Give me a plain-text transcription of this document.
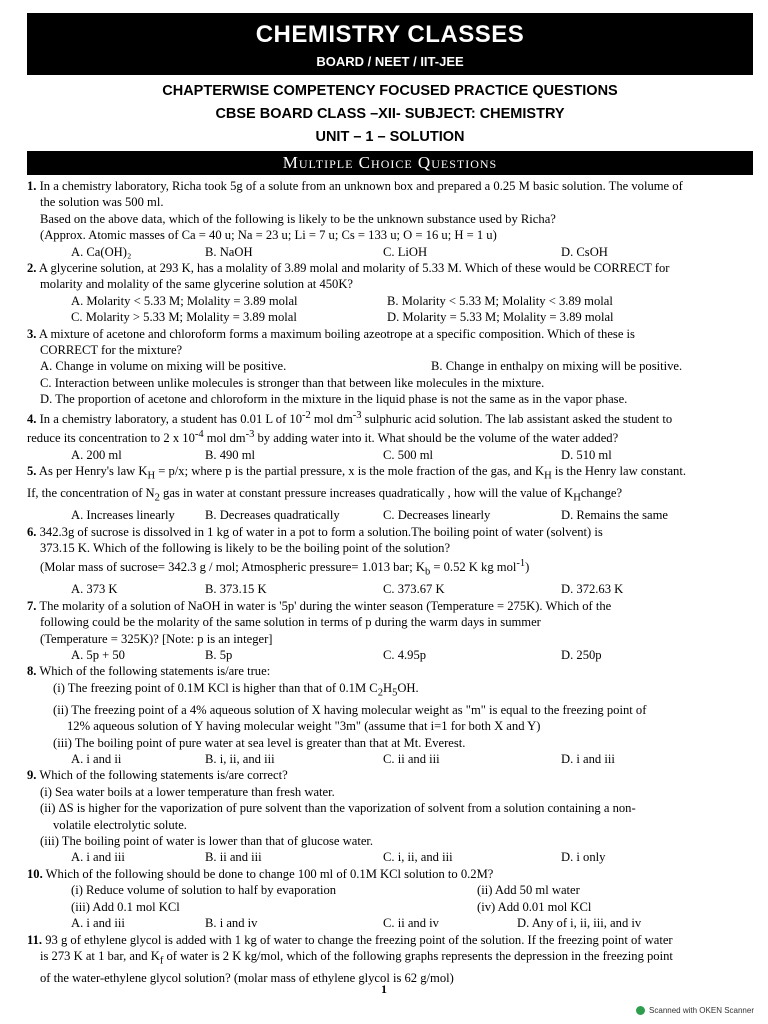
CHEMISTRY CLASSES
BOARD / NEET / IIT-JEE
CHAPTERWISE COMPETENCY FOCUSED PRACTICE QUESTIONS
CBSE BOARD CLASS –XII- SUBJECT: CHEMISTRY
UNIT – 1 – SOLUTION
Multiple Choice Questions
1. In a chemistry laboratory, Richa took 5g of a solute from an unknown box and prepared a 0.25 M basic solution. The volume of
the solution was 500 ml.
Based on the above data, which of the following is likely to be the unknown substance used by Richa?
(Approx. Atomic masses of Ca = 40 u; Na = 23 u; Li = 7 u; Cs = 133 u; O = 16 u; H = 1 u)
A. Ca(OH)₂	B. NaOH	C. LiOH	D. CsOH
2. A glycerine solution, at 293 K, has a molality of 3.89 molal and molarity of 5.33 M. Which of these would be CORRECT for
molarity and molality of the same glycerine solution at 450K?
A. Molarity < 5.33 M; Molality = 3.89 molal	B. Molarity < 5.33 M; Molality < 3.89 molal
C. Molarity > 5.33 M; Molality = 3.89 molal	D. Molarity = 5.33 M; Molality = 3.89 molal
3. A mixture of acetone and chloroform forms a maximum boiling azeotrope at a specific composition. Which of these is
CORRECT for the mixture?
A. Change in volume on mixing will be positive.	B. Change in enthalpy on mixing will be positive.
C. Interaction between unlike molecules is stronger than that between like molecules in the mixture.
D. The proportion of acetone and chloroform in the mixture in the liquid phase is not the same as in the vapor phase.
4. In a chemistry laboratory, a student has 0.01 L of $10^{-2}$ mol $dm^{-3}$ sulphuric acid solution. The lab assistant asked the student to
reduce its concentration to 2 x $10^{-4}$ mol $dm^{-3}$ by adding water into it. What should be the volume of the water added?
A. 200 ml	B. 490 ml	C. 500 ml	D. 510 ml
5. As per Henry's law $K_H = p/x$; where p is the partial pressure, x is the mole fraction of the gas, and $K_H$ is the Henry law constant.
If, the concentration of $N_2$ gas in water at constant pressure increases quadratically , how will the value of $K_Hchange$?
A. Increases linearly	B. Decreases quadratically	C. Decreases linearly	D. Remains the same
6. 342.3g of sucrose is dissolved in 1 kg of water in a pot to form a solution.The boiling point of water (solvent) is
373.15 K. Which of the following is likely to be the boiling point of the solution?
(Molar mass of sucrose= 342.3 g / mol; Atmospheric pressure= 1.013 bar; $K_b = 0.52$ K kg mol$^{-1}$)
A. 373 K	B. 373.15 K	C. 373.67 K	D. 372.63 K
7. The molarity of a solution of NaOH in water is '5p' during the winter season (Temperature = 275K). Which of the
following could be the molarity of the same solution in terms of p during the warm days in summer
(Temperature = 325K)? [Note: p is an integer]
A. 5p + 50	B. 5p	C. 4.95p	D. 250p
8. Which of the following statements is/are true:
(i) The freezing point of 0.1M KCl is higher than that of 0.1M $C_2H_5OH$.
(ii) The freezing point of a 4% aqueous solution of X having molecular weight as "m" is equal to the freezing point of
12% aqueous solution of Y having molecular weight "3m" (assume that i=1 for both X and Y)
(iii) The boiling point of pure water at sea level is greater than that at Mt. Everest.
A. i and ii	B. i, ii, and iii	C. ii and iii	D. i and iii
9. Which of the following statements is/are correct?
(i) Sea water boils at a lower temperature than fresh water.
(ii) ΔS is higher for the vaporization of pure solvent than the vaporization of solvent from a solution containing a non-
volatile electrolytic solute.
(iii) The boiling point of water is lower than that of glucose water.
A. i and iii	B. ii and iii	C. i, ii, and iii	D. i only
10. Which of the following should be done to change 100 ml of 0.1M KCl solution to 0.2M?
(i) Reduce volume of solution to half by evaporation	(ii) Add 50 ml water
(iii) Add 0.1 mol KCl	(iv) Add 0.01 mol KCl
A. i and iii	B. i and iv	C. ii and iv	D. Any of i, ii, iii, and iv
11. 93 g of ethylene glycol is added with 1 kg of water to change the freezing point of the solution. If the freezing point of water
is 273 K at 1 bar, and $K_f$ of water is 2 K kg/mol, which of the following graphs represents the depression in the freezing point
of the water-ethylene glycol solution? (molar mass of ethylene glycol is 62 g/mol)
1
Scanned with OKEN Scanner
